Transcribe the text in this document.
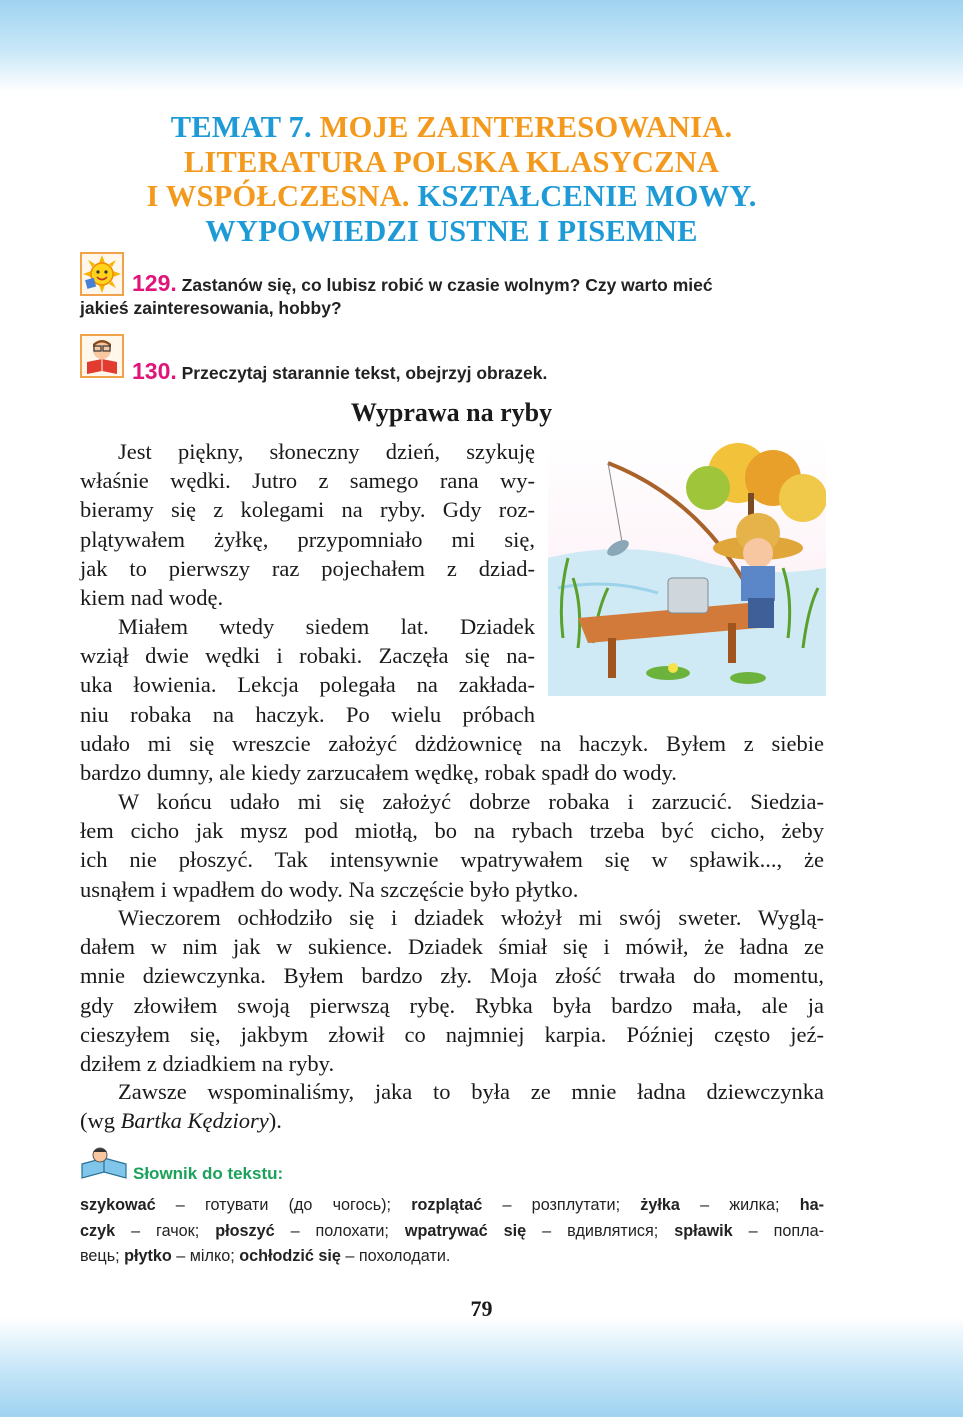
TEMAT 7. MOJE ZAINTERESOWANIA.
LITERATURA POLSKA KLASYCZNA
I WSPÓŁCZESNA. KSZTAŁCENIE MOWY.
WYPOWIEDZI USTNE I PISEMNE
129. Zastanów się, co lubisz robić w czasie wolnym? Czy warto mieć
jakieś zainteresowania, hobby?
130. Przeczytaj starannie tekst, obejrzyj obrazek.
Wyprawa na ryby
Jest piękny, słoneczny dzień, szykuję
właśnie wędki. Jutro z samego rana wy-
bieramy się z kolegami na ryby. Gdy roz-
plątywałem żyłkę, przypomniało mi się,
jak to pierwszy raz pojechałem z dziad-
kiem nad wodę.
Miałem wtedy siedem lat. Dziadek
wziął dwie wędki i robaki. Zaczęła się na-
uka łowienia. Lekcja polegała na zakłada-
niu robaka na haczyk. Po wielu próbach
udało mi się wreszcie założyć dżdżownicę na haczyk. Byłem z siebie
bardzo dumny, ale kiedy zarzucałem wędkę, robak spadł do wody.
W końcu udało mi się założyć dobrze robaka i zarzucić. Siedzia-
łem cicho jak mysz pod miotłą, bo na rybach trzeba być cicho, żeby
ich nie płoszyć. Tak intensywnie wpatrywałem się w spławik..., że
usnąłem i wpadłem do wody. Na szczęście było płytko.
Wieczorem ochłodziło się i dziadek włożył mi swój sweter. Wyglą-
dałem w nim jak w sukience. Dziadek śmiał się i mówił, że ładna ze
mnie dziewczynka. Byłem bardzo zły. Moja złość trwała do momentu,
gdy złowiłem swoją pierwszą rybę. Rybka była bardzo mała, ale ja
cieszyłem się, jakbym złowił co najmniej karpia. Później często jeź-
dziłem z dziadkiem na ryby.
Zawsze wspominaliśmy, jaka to była ze mnie ładna dziewczynka
(wg Bartka Kędziory).
Słownik do tekstu:
szykować – готувати (до чогось); rozplątać – розплутати; żyłka – жилка; ha-
czyk – гачок; płoszyć – полохати; wpatrywać się – вдивлятися; spławik – попла-
вець; płytko – мілко; ochłodzić się – похолодати.
79
